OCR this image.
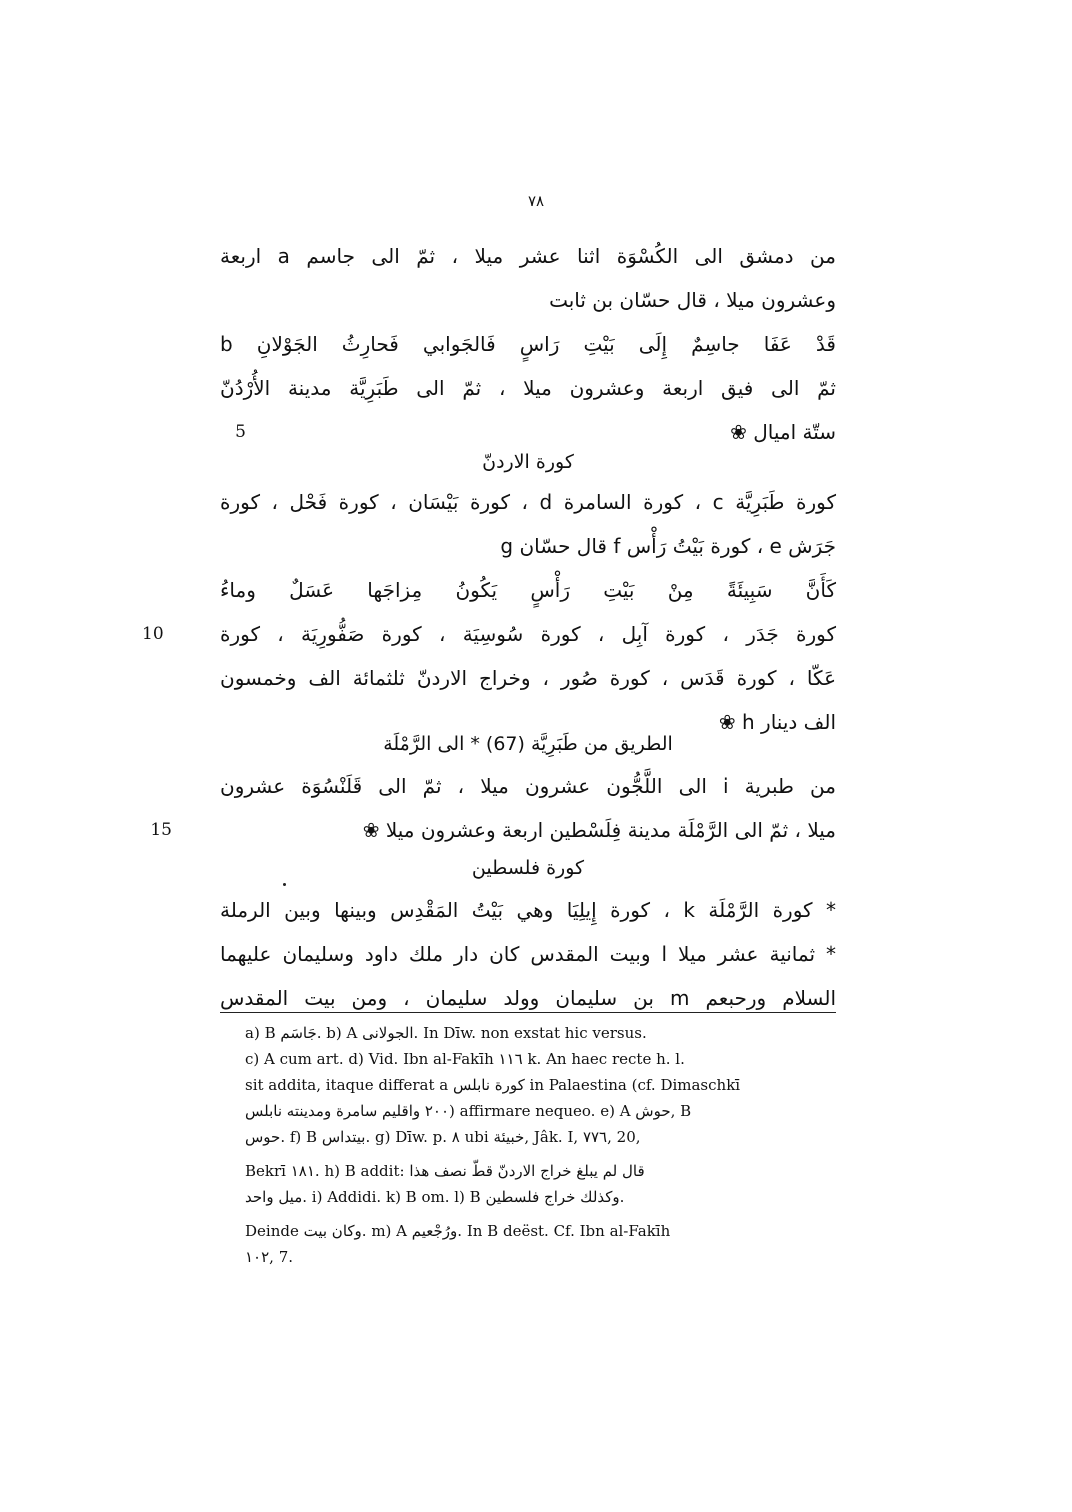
٧٨
من دمشق الى الكُسْوَة اثنا عشر ميلا ، ثمّ الى جاسم a اربعة
وعشرون ميلا ، قال حسّان بن ثابت
قَدْ عَفَا جاسِمٌ إِلَى بَيْتِ رَاسٍ فَالجَوابي فَحارِثُ الجَوْلانِ b
ثمّ الى فيق اربعة وعشرون ميلا ، ثمّ الى طَبَرِيَّة مدينة الأُرْدُنّ
ستّة اميال ❀
5
كورة الاردنّ
كورة طَبَرِيَّة c ، كورة السامرة d ، كورة بَيْسَان ، كورة فَحْل ، كورة
جَرَش e ، كورة بَيْتُ رَأْس f قال حسّان g
كَأَنَّ سَبِيئَةً مِنْ بَيْتِ رَأْسٍ يَكُونُ مِزاجَها عَسَلٌ وماءُ
كورة جَدَر ، كورة آبِل ، كورة سُوسِيَة ، كورة صَفُّورِيَة ، كورة
10
عَكّا ، كورة قَدَس ، كورة صُور ، وخراج الاردنّ ثلثمائة الف وخمسون
الف دينار h ❀
الطريق من طَبَرِيَّة (67) * الى الرَّمْلَة
من طبرية i الى اللَّجُّون عشرون ميلا ، ثمّ الى قَلَنْسُوَة عشرون
ميلا ، ثمّ الى الرَّمْلَة مدينة فِلَسْطين اربعة وعشرون ميلا ❀
15
كورة فلسطين
* كورة الرَّمْلَة k ، كورة إِيلِيَا وهي بَيْتُ المَقْدِس وبينها وبين الرملة
* ثمانية عشر ميلا l وبيت المقدس كان دار ملك داود وسليمان عليهما
السلام ورحبعم m بن سليمان وولد سليمان ، ومن بيت المقدس
a) B جَاسَم. b) A الجولانى. In Dīw. non exstat hic versus.
c) A cum art. d) Vid. Ibn al-Fakīh ١١٦ k. An haec recte h. l.
sit addita, itaque differat a كورة نابلس in Palaestina (cf. Dimaschkī
٢٠٠ واقليم سامرة ومدينته نابلس) affirmare nequeo. e) A حوش, B
حوس. f) B بيتداس. g) Dīw. p. ٨ ubi خبيئة, Jâk. I, ٧٧٦, 20,
Bekrī ١٨١. h) B addit: قال لم يبلغ خراج الاردنّ قطّ نصف هذا
ميل واحد. i) Addidi. k) B om. l) B وكذلك خراج فلسطين.
Deinde وكان بيت. m) A ورُجْعيم. In B deëst. Cf. Ibn al-Fakīh
١٠٢, 7.
